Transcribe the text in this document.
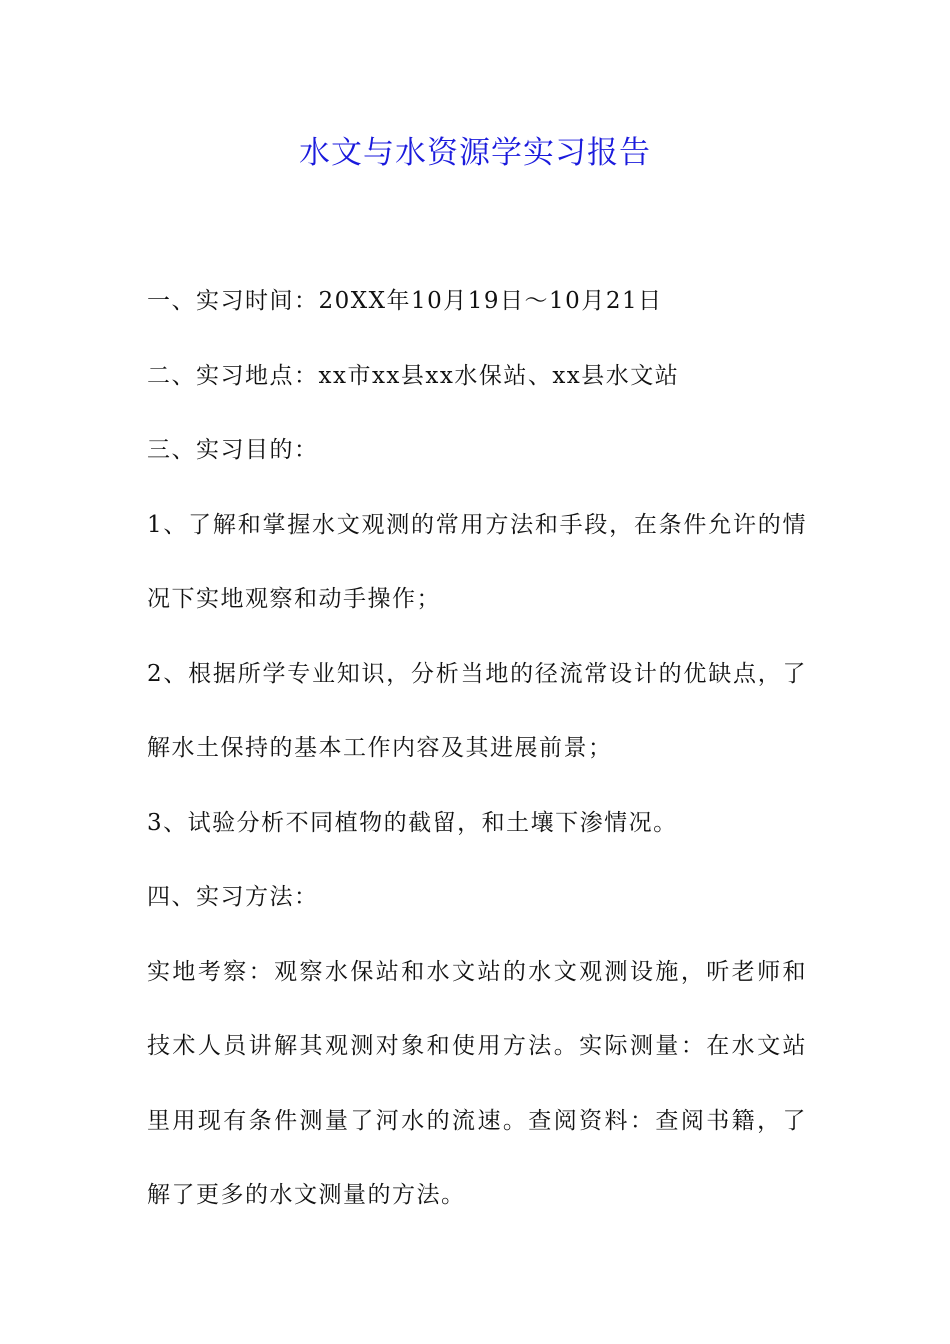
水文与水资源学实习报告

一、实习时间：20XX年10月19日～10月21日

二、实习地点：xx市xx县xx水保站、xx县水文站

三、实习目的：

1、了解和掌握水文观测的常用方法和手段，在条件允许的情况下实地观察和动手操作；

2、根据所学专业知识，分析当地的径流常设计的优缺点，了解水土保持的基本工作内容及其进展前景；

3、试验分析不同植物的截留，和土壤下渗情况。

四、实习方法：

实地考察：观察水保站和水文站的水文观测设施，听老师和技术人员讲解其观测对象和使用方法。实际测量：在水文站里用现有条件测量了河水的流速。查阅资料：查阅书籍，了解了更多的水文测量的方法。
